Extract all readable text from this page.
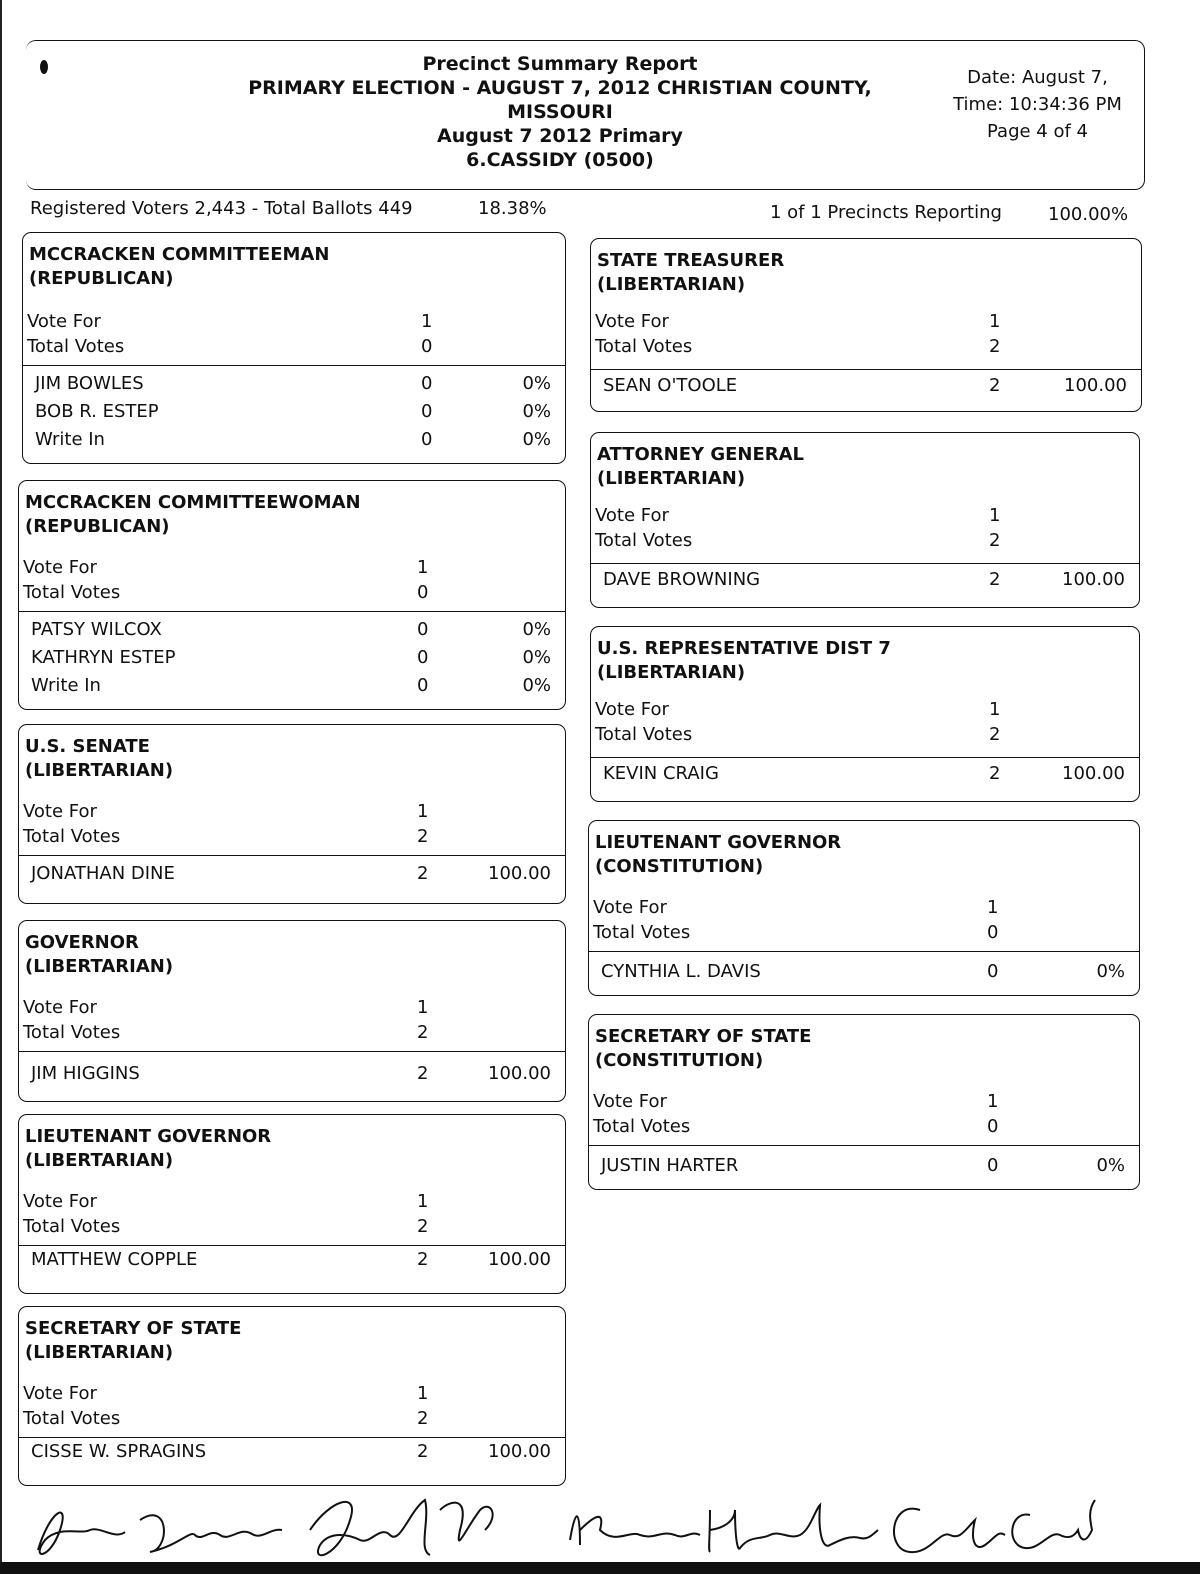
Precinct Summary Report
PRIMARY ELECTION - AUGUST 7, 2012 CHRISTIAN COUNTY,
MISSOURI
August 7 2012 Primary
6.CASSIDY (0500)
Date: August 7,
Time: 10:34:36 PM
Page 4 of 4
Registered Voters 2,443 - Total Ballots 449	18.38%	1 of 1 Precincts Reporting	100.00%
MCCRACKEN COMMITTEEMAN
(REPUBLICAN)
Vote For	1
Total Votes	0
JIM BOWLES	0	0%
BOB R. ESTEP	0	0%
Write In	0	0%
MCCRACKEN COMMITTEEWOMAN
(REPUBLICAN)
Vote For	1
Total Votes	0
PATSY WILCOX	0	0%
KATHRYN ESTEP	0	0%
Write In	0	0%
U.S. SENATE
(LIBERTARIAN)
Vote For	1
Total Votes	2
JONATHAN DINE	2	100.00
GOVERNOR
(LIBERTARIAN)
Vote For	1
Total Votes	2
JIM HIGGINS	2	100.00
LIEUTENANT GOVERNOR
(LIBERTARIAN)
Vote For	1
Total Votes	2
MATTHEW COPPLE	2	100.00
SECRETARY OF STATE
(LIBERTARIAN)
Vote For	1
Total Votes	2
CISSE W. SPRAGINS	2	100.00
STATE TREASURER
(LIBERTARIAN)
Vote For	1
Total Votes	2
SEAN O'TOOLE	2	100.00
ATTORNEY GENERAL
(LIBERTARIAN)
Vote For	1
Total Votes	2
DAVE BROWNING	2	100.00
U.S. REPRESENTATIVE DIST 7
(LIBERTARIAN)
Vote For	1
Total Votes	2
KEVIN CRAIG	2	100.00
LIEUTENANT GOVERNOR
(CONSTITUTION)
Vote For	1
Total Votes	0
CYNTHIA L. DAVIS	0	0%
SECRETARY OF STATE
(CONSTITUTION)
Vote For	1
Total Votes	0
JUSTIN HARTER	0	0%
